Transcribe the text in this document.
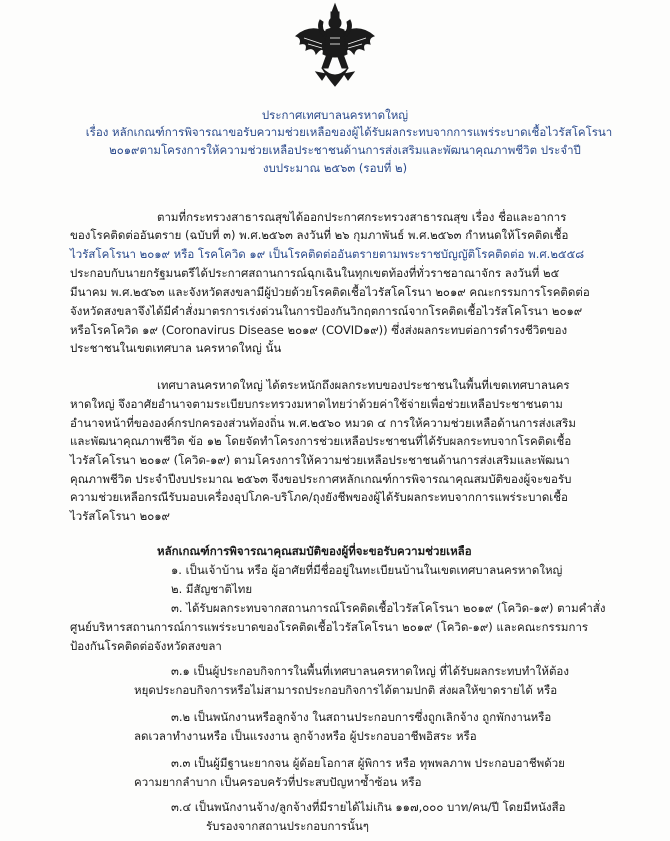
ประกาศเทศบาลนครหาดใหญ่
เรื่อง หลักเกณฑ์การพิจารณาขอรับความช่วยเหลือของผู้ได้รับผลกระทบจากการแพร่ระบาดเชื้อไวรัสโคโรนา
๒๐๑๙ตามโครงการให้ความช่วยเหลือประชาชนด้านการส่งเสริมและพัฒนาคุณภาพชีวิต ประจำปี
งบประมาณ ๒๕๖๓ (รอบที่ ๒)
ตามที่กระทรวงสาธารณสุขได้ออกประกาศกระทรวงสาธารณสุข เรื่อง ชื่อและอาการ
ของโรคติดต่ออันตราย (ฉบับที่ ๓) พ.ศ.๒๕๖๓ ลงวันที่ ๒๖ กุมภาพันธ์ พ.ศ.๒๕๖๓ กำหนดให้โรคติดเชื้อ
ไวรัสโคโรนา ๒๐๑๙ หรือ โรคโควิด ๑๙ เป็นโรคติดต่ออันตรายตามพระราชบัญญัติโรคติดต่อ พ.ศ.๒๕๕๘
ประกอบกับนายกรัฐมนตรีได้ประกาศสถานการณ์ฉุกเฉินในทุกเขตท้องที่ทั่วราชอาณาจักร ลงวันที่ ๒๕
มีนาคม พ.ศ.๒๕๖๓ และจังหวัดสงขลามีผู้ป่วยด้วยโรคติดเชื้อไวรัสโคโรนา ๒๐๑๙ คณะกรรมการโรคติดต่อ
จังหวัดสงขลาจึงได้มีคำสั่งมาตรการเร่งด่วนในการป้องกันวิกฤตการณ์จากโรคติดเชื้อไวรัสโคโรนา ๒๐๑๙
หรือโรคโควิด ๑๙ (Coronavirus Disease ๒๐๑๙ (COVID๑๙)) ซึ่งส่งผลกระทบต่อการดำรงชีวิตของ
ประชาชนในเขตเทศบาล นครหาดใหญ่ นั้น
เทศบาลนครหาดใหญ่ ได้ตระหนักถึงผลกระทบของประชาชนในพื้นที่เขตเทศบาลนคร
หาดใหญ่ จึงอาศัยอำนาจตามระเบียบกระทรวงมหาดไทยว่าด้วยค่าใช้จ่ายเพื่อช่วยเหลือประชาชนตาม
อำนาจหน้าที่ขององค์กรปกครองส่วนท้องถิ่น พ.ศ.๒๕๖๐ หมวด ๔ การให้ความช่วยเหลือด้านการส่งเสริม
และพัฒนาคุณภาพชีวิต ข้อ ๑๒ โดยจัดทำโครงการช่วยเหลือประชาชนที่ได้รับผลกระทบจากโรคติดเชื้อ
ไวรัสโคโรนา ๒๐๑๙ (โควิด-๑๙) ตามโครงการให้ความช่วยเหลือประชาชนด้านการส่งเสริมและพัฒนา
คุณภาพชีวิต ประจำปีงบประมาณ ๒๕๖๓ จึงขอประกาศหลักเกณฑ์การพิจารณาคุณสมบัติของผู้จะขอรับ
ความช่วยเหลือกรณีรับมอบเครื่องอุปโภค-บริโภค/ถุงยังชีพของผู้ได้รับผลกระทบจากการแพร่ระบาดเชื้อ
ไวรัสโคโรนา ๒๐๑๙
หลักเกณฑ์การพิจารณาคุณสมบัติของผู้ที่จะขอรับความช่วยเหลือ
๑. เป็นเจ้าบ้าน หรือ ผู้อาศัยที่มีชื่ออยู่ในทะเบียนบ้านในเขตเทศบาลนครหาดใหญ่
๒. มีสัญชาติไทย
๓. ได้รับผลกระทบจากสถานการณ์โรคติดเชื้อไวรัสโคโรนา ๒๐๑๙ (โควิด-๑๙) ตามคำสั่ง
ศูนย์บริหารสถานการณ์การแพร่ระบาดของโรคติดเชื้อไวรัสโคโรนา ๒๐๑๙ (โควิด-๑๙) และคณะกรรมการ
ป้องกันโรคติดต่อจังหวัดสงขลา
๓.๑ เป็นผู้ประกอบกิจการในพื้นที่เทศบาลนครหาดใหญ่ ที่ได้รับผลกระทบทำให้ต้อง
หยุดประกอบกิจการหรือไม่สามารถประกอบกิจการได้ตามปกติ ส่งผลให้ขาดรายได้ หรือ
๓.๒ เป็นพนักงานหรือลูกจ้าง ในสถานประกอบการซึ่งถูกเลิกจ้าง ถูกพักงานหรือ
ลดเวลาทำงานหรือ เป็นแรงงาน ลูกจ้างหรือ ผู้ประกอบอาชีพอิสระ หรือ
๓.๓ เป็นผู้มีฐานะยากจน ผู้ด้อยโอกาส ผู้พิการ หรือ ทุพพลภาพ ประกอบอาชีพด้วย
ความยากลำบาก เป็นครอบครัวที่ประสบปัญหาซ้ำซ้อน หรือ
๓.๔ เป็นพนักงานจ้าง/ลูกจ้างที่มีรายได้ไม่เกิน ๑๑๗,๐๐๐ บาท/คน/ปี โดยมีหนังสือ
รับรองจากสถานประกอบการนั้นๆ
